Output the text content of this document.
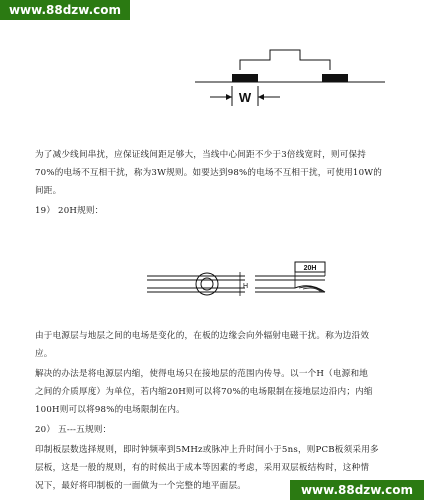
www.88dzw.com
W
为了减少线间串扰，应保证线间距足够大，当线中心间距不少于3倍线宽时，则可保持
70%的电场不互相干扰，称为3W规则。如要达到98%的电场不互相干扰，可使用10W的
间距。
19） 20H规则：
H
20H
由于电源层与地层之间的电场是变化的，在板的边缘会向外辐射电磁干扰。称为边沿效
应。
解决的办法是将电源层内缩，使得电场只在接地层的范围内传导。以一个H（电源和地
之间的介质厚度）为单位，若内缩20H则可以将70%的电场限制在接地层边沿内；内缩
100H则可以将98%的电场限制在内。
20） 五---五规则：
印制板层数选择规则，即时钟频率到5MHz或脉冲上升时间小于5ns，则PCB板须采用多
层板，这是一般的规则，有的时候出于成本等因素的考虑，采用双层板结构时，这种情
况下，最好将印制板的一面做为一个完整的地平面层。	www.88dzw.com
